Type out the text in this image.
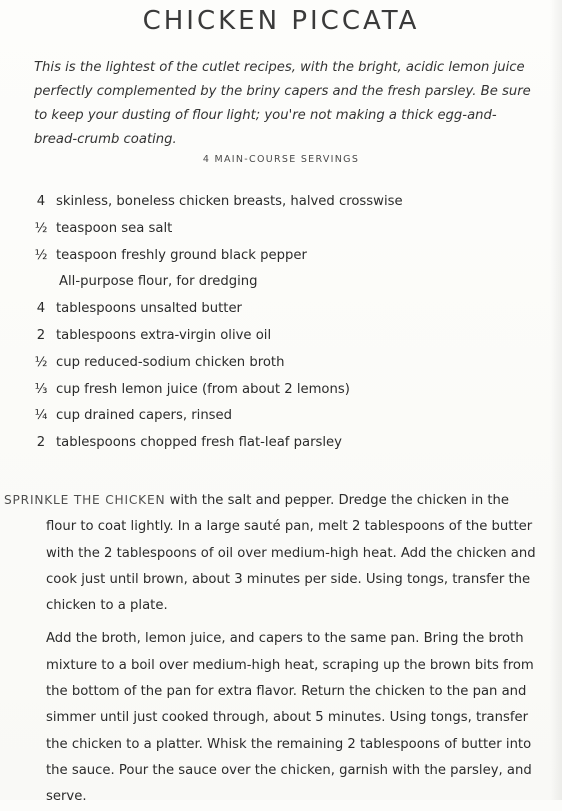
CHICKEN PICCATA

This is the lightest of the cutlet recipes, with the bright, acidic lemon juice perfectly complemented by the briny capers and the fresh parsley. Be sure to keep your dusting of flour light; you're not making a thick egg-and-bread-crumb coating.

4 MAIN-COURSE SERVINGS
4 skinless, boneless chicken breasts, halved crosswise
½ teaspoon sea salt
½ teaspoon freshly ground black pepper
All-purpose flour, for dredging
4 tablespoons unsalted butter
2 tablespoons extra-virgin olive oil
½ cup reduced-sodium chicken broth
⅓ cup fresh lemon juice (from about 2 lemons)
¼ cup drained capers, rinsed
2 tablespoons chopped fresh flat-leaf parsley

SPRINKLE THE CHICKEN with the salt and pepper. Dredge the chicken in the flour to coat lightly. In a large sauté pan, melt 2 tablespoons of the butter with the 2 tablespoons of oil over medium-high heat. Add the chicken and cook just until brown, about 3 minutes per side. Using tongs, transfer the chicken to a plate.

Add the broth, lemon juice, and capers to the same pan. Bring the broth mixture to a boil over medium-high heat, scraping up the brown bits from the bottom of the pan for extra flavor. Return the chicken to the pan and simmer until just cooked through, about 5 minutes. Using tongs, transfer the chicken to a platter. Whisk the remaining 2 tablespoons of butter into the sauce. Pour the sauce over the chicken, garnish with the parsley, and serve.
